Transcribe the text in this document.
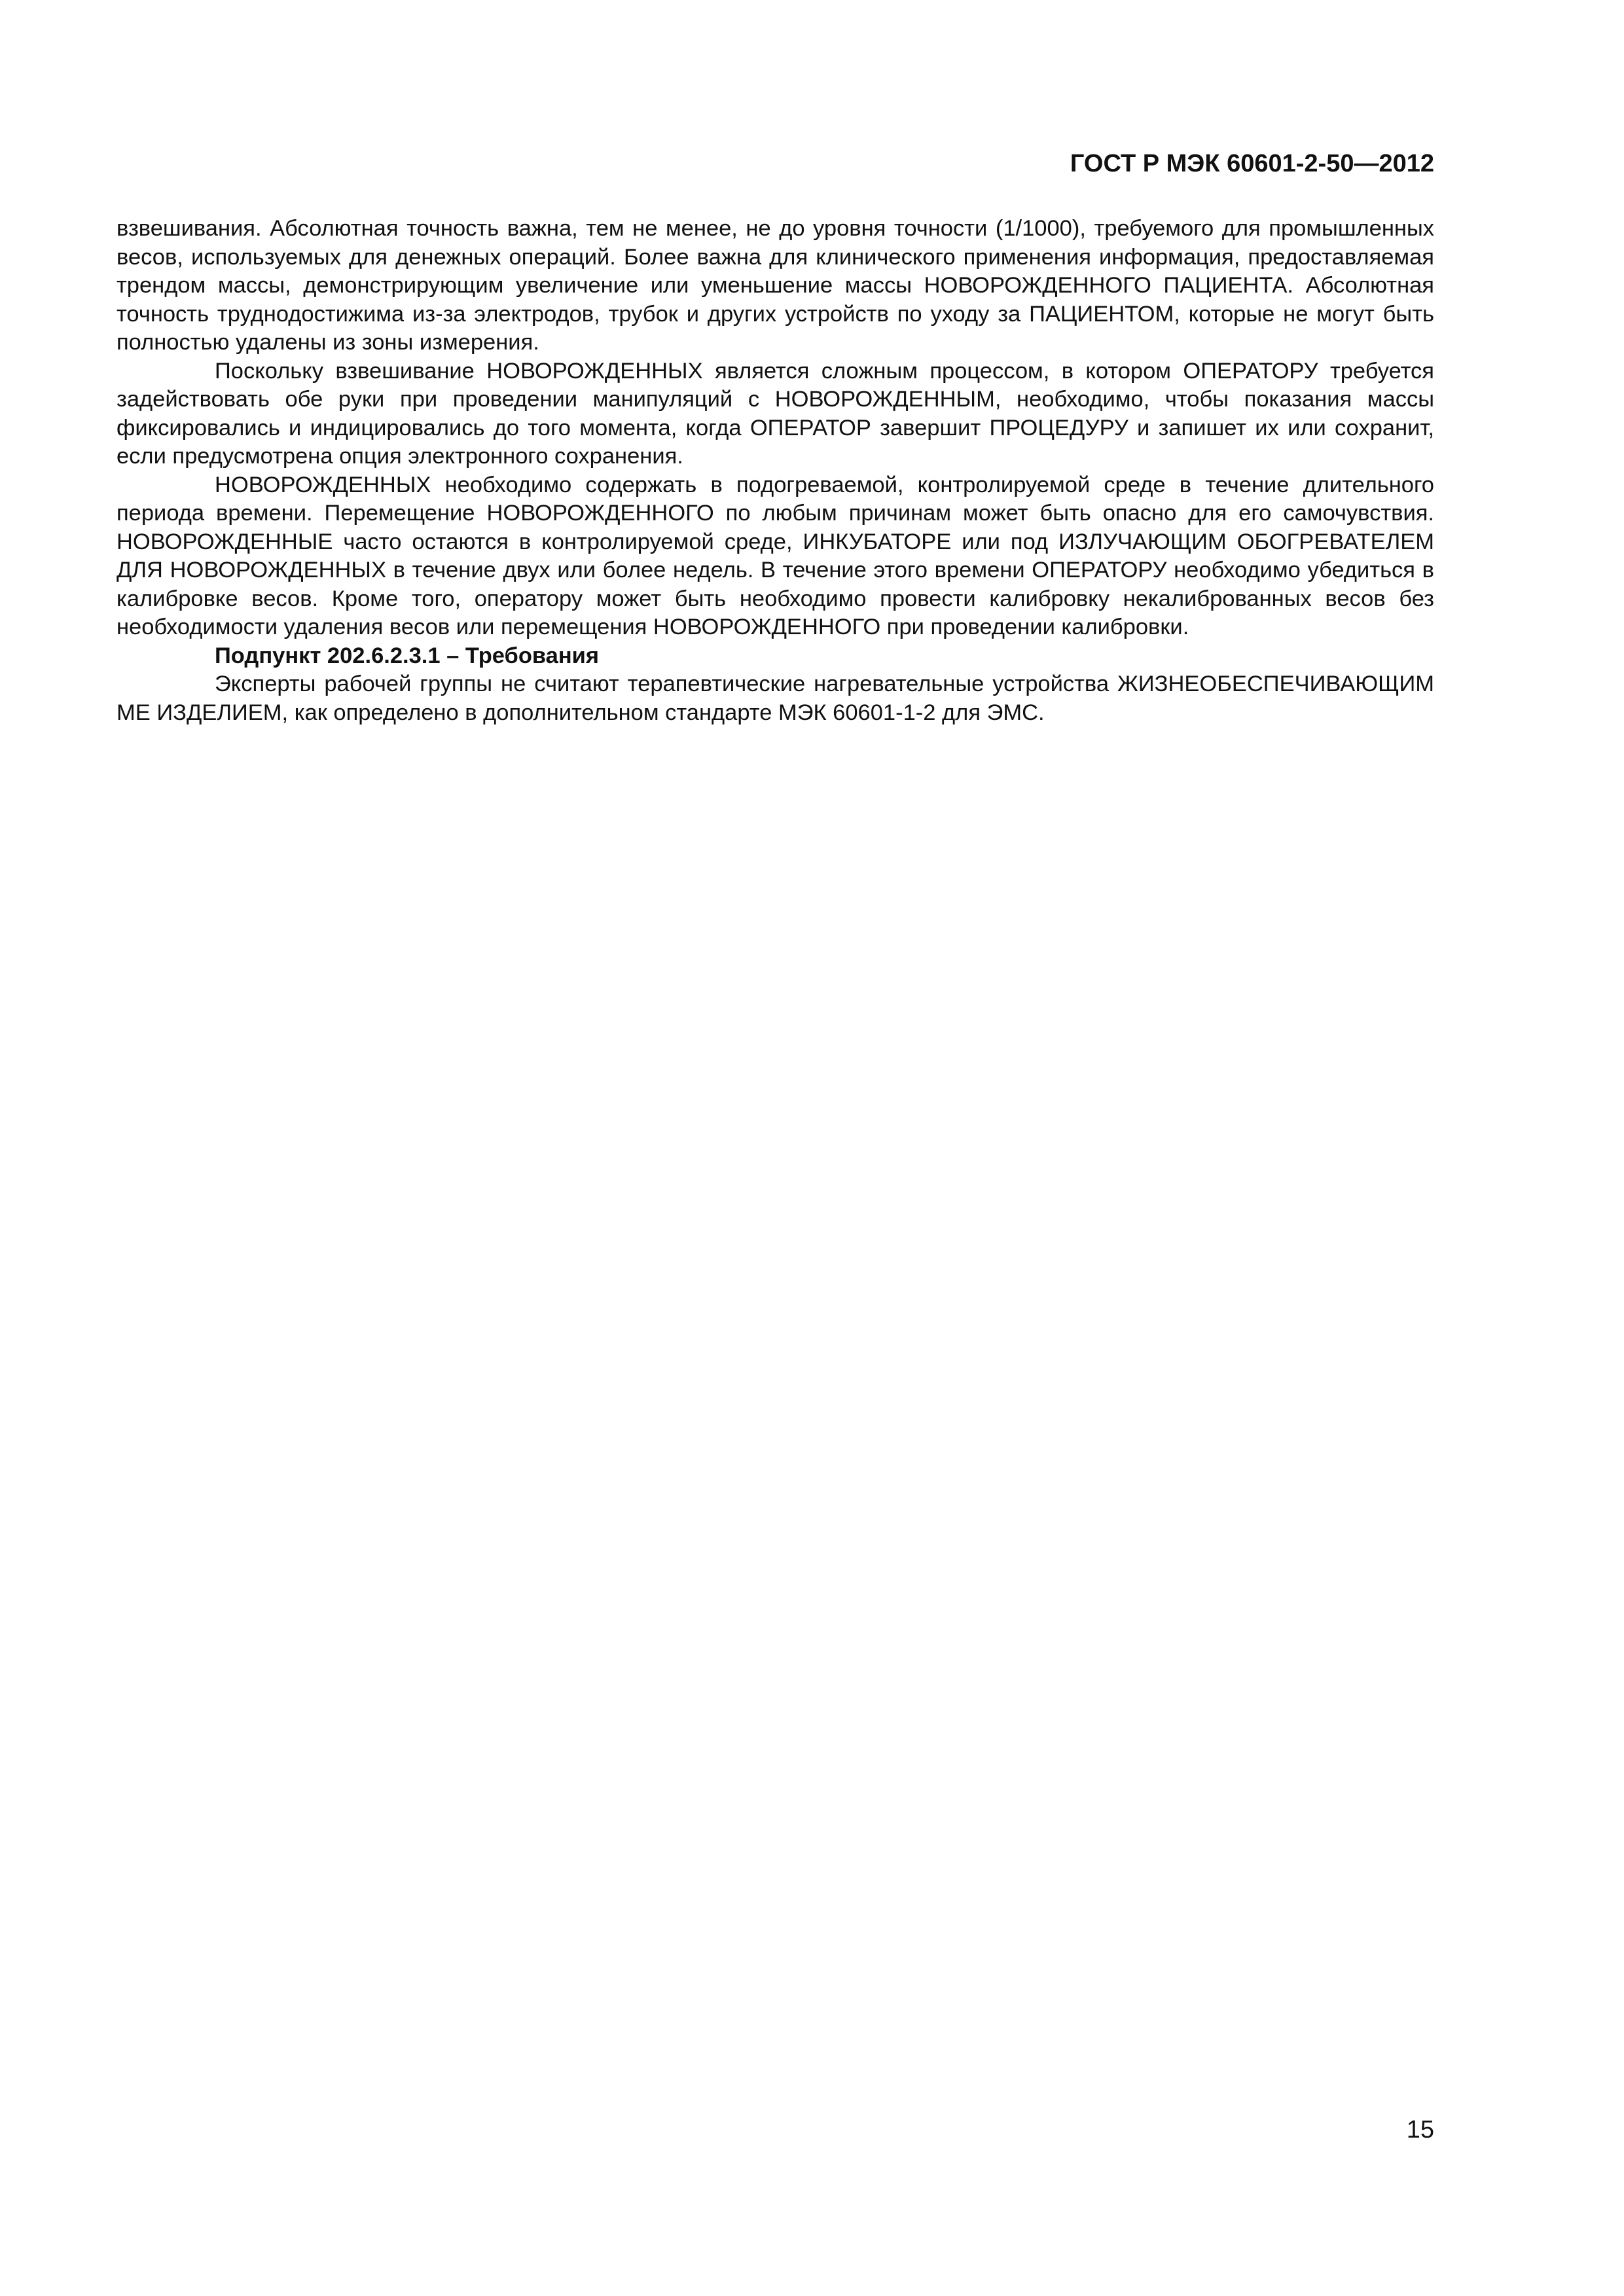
ГОСТ Р МЭК 60601-2-50—2012

взвешивания. Абсолютная точность важна, тем не менее, не до уровня точности (1/1000), требуемого для промышленных весов, используемых для денежных операций. Более важна для клинического применения информация, предоставляемая трендом массы, демонстрирующим увеличение или уменьшение массы НОВОРОЖДЕННОГО ПАЦИЕНТА. Абсолютная точность труднодостижима из-за электродов, трубок и других устройств по уходу за ПАЦИЕНТОМ, которые не могут быть полностью удалены из зоны измерения.

Поскольку взвешивание НОВОРОЖДЕННЫХ является сложным процессом, в котором ОПЕРАТОРУ требуется задействовать обе руки при проведении манипуляций с НОВОРОЖДЕННЫМ, необходимо, чтобы показания массы фиксировались и индицировались до того момента, когда ОПЕРАТОР завершит ПРОЦЕДУРУ и запишет их или сохранит, если предусмотрена опция электронного сохранения.

НОВОРОЖДЕННЫХ необходимо содержать в подогреваемой, контролируемой среде в течение длительного периода времени. Перемещение НОВОРОЖДЕННОГО по любым причинам может быть опасно для его самочувствия. НОВОРОЖДЕННЫЕ часто остаются в контролируемой среде, ИНКУБАТОРЕ или под ИЗЛУЧАЮЩИМ ОБОГРЕВАТЕЛЕМ ДЛЯ НОВОРОЖДЕННЫХ в течение двух или более недель. В течение этого времени ОПЕРАТОРУ необходимо убедиться в калибровке весов. Кроме того, оператору может быть необходимо провести калибровку некалиброванных весов без необходимости удаления весов или перемещения НОВОРОЖДЕННОГО при проведении калибровки.

Подпункт 202.6.2.3.1 – Требования

Эксперты рабочей группы не считают терапевтические нагревательные устройства ЖИЗНЕОБЕСПЕЧИВАЮЩИМ МЕ ИЗДЕЛИЕМ, как определено в дополнительном стандарте МЭК 60601-1-2 для ЭМС.

15
